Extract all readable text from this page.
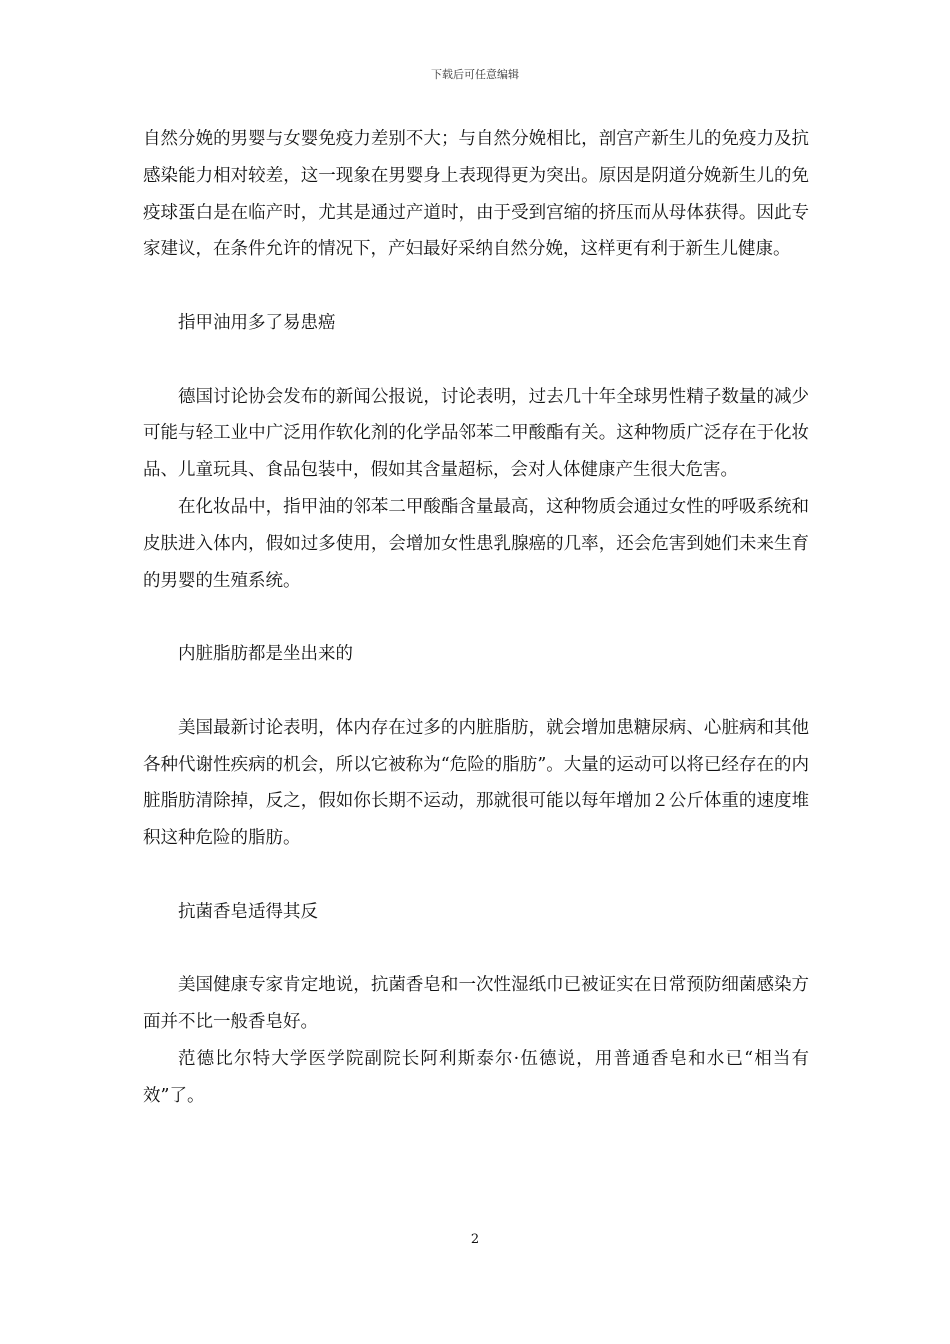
下载后可任意编辑

自然分娩的男婴与女婴免疫力差别不大；与自然分娩相比，剖宫产新生儿的免疫力及抗感染能力相对较差，这一现象在男婴身上表现得更为突出。原因是阴道分娩新生儿的免疫球蛋白是在临产时，尤其是通过产道时，由于受到宫缩的挤压而从母体获得。因此专家建议，在条件允许的情况下，产妇最好采纳自然分娩，这样更有利于新生儿健康。

指甲油用多了易患癌

德国讨论协会发布的新闻公报说，讨论表明，过去几十年全球男性精子数量的减少可能与轻工业中广泛用作软化剂的化学品邻苯二甲酸酯有关。这种物质广泛存在于化妆品、儿童玩具、食品包装中，假如其含量超标，会对人体健康产生很大危害。

在化妆品中，指甲油的邻苯二甲酸酯含量最高，这种物质会通过女性的呼吸系统和皮肤进入体内，假如过多使用，会增加女性患乳腺癌的几率，还会危害到她们未来生育的男婴的生殖系统。

内脏脂肪都是坐出来的

美国最新讨论表明，体内存在过多的内脏脂肪，就会增加患糖尿病、心脏病和其他各种代谢性疾病的机会，所以它被称为“危险的脂肪”。大量的运动可以将已经存在的内脏脂肪清除掉，反之，假如你长期不运动，那就很可能以每年增加２公斤体重的速度堆积这种危险的脂肪。

抗菌香皂适得其反

美国健康专家肯定地说，抗菌香皂和一次性湿纸巾已被证实在日常预防细菌感染方面并不比一般香皂好。

范德比尔特大学医学院副院长阿利斯泰尔·伍德说，用普通香皂和水已“相当有效”了。

2
